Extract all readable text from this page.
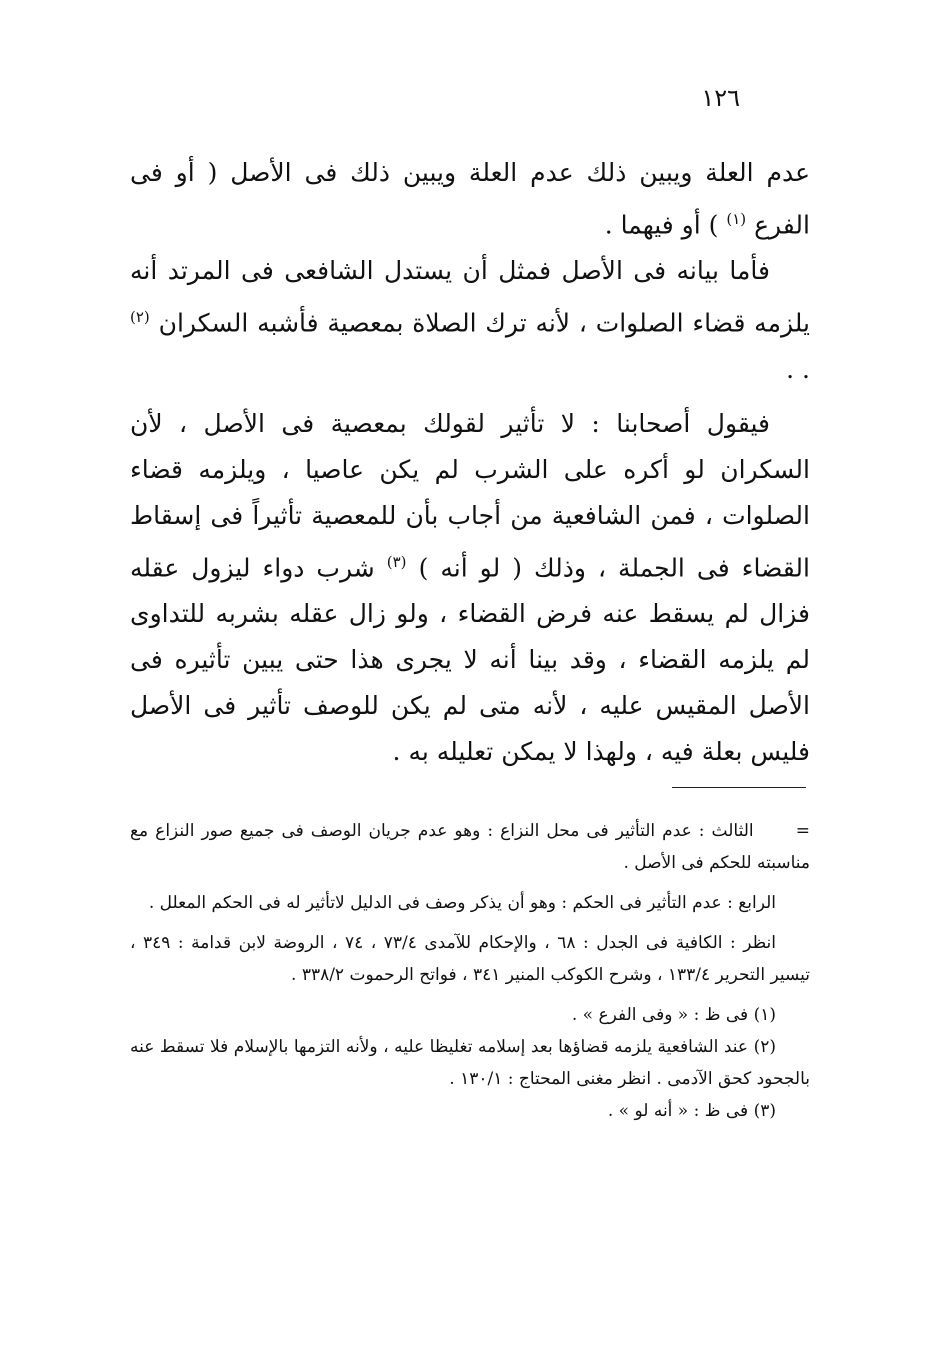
١٢٦

عدم العلة ويبين ذلك عدم العلة ويبين ذلك فى الأصل ( أو فى الفرع $^{(١)}$ ) أو فيهما .

فأما بيانه فى الأصل فمثل أن يستدل الشافعى فى المرتد أنه يلزمه قضاء الصلوات ، لأنه ترك الصلاة بمعصية فأشبه السكران $^{(٢)}$ . .

فيقول أصحابنا : لا تأثير لقولك بمعصية فى الأصل ، لأن السكران لو أكره على الشرب لم يكن عاصيا ، ويلزمه قضاء الصلوات ، فمن الشافعية من أجاب بأن للمعصية تأثيراً فى إسقاط القضاء فى الجملة ، وذلك ( لو أنه ) $^{(٣)}$ شرب دواء ليزول عقله فزال لم يسقط عنه فرض القضاء ، ولو زال عقله بشربه للتداوى لم يلزمه القضاء ، وقد بينا أنه لا يجرى هذا حتى يبين تأثيره فى الأصل المقيس عليه ، لأنه متى لم يكن للوصف تأثير فى الأصل فليس بعلة فيه ، ولهذا لا يمكن تعليله به .

=      الثالث : عدم التأثير فى محل النزاع : وهو عدم جريان الوصف فى جميع صور النزاع مع مناسبته للحكم فى الأصل .

الرابع : عدم التأثير فى الحكم : وهو أن يذكر وصف فى الدليل لاتأثير له فى الحكم المعلل .

انظر : الكافية فى الجدل : ٦٨ ، والإحكام للآمدى ٧٣/٤ ، ٧٤ ، الروضة لابن قدامة : ٣٤٩ ، تيسير التحرير ١٣٣/٤ ، وشرح الكوكب المنير ٣٤١ ، فواتح الرحموت ٣٣٨/٢ .

(١) فى ظ : « وفى الفرع » .

(٢) عند الشافعية يلزمه قضاؤها بعد إسلامه تغليظا عليه ، ولأنه التزمها بالإسلام فلا تسقط عنه بالجحود كحق الآدمى . انظر مغنى المحتاج : ١٣٠/١ .

(٣) فى ظ : « أنه لو » .
